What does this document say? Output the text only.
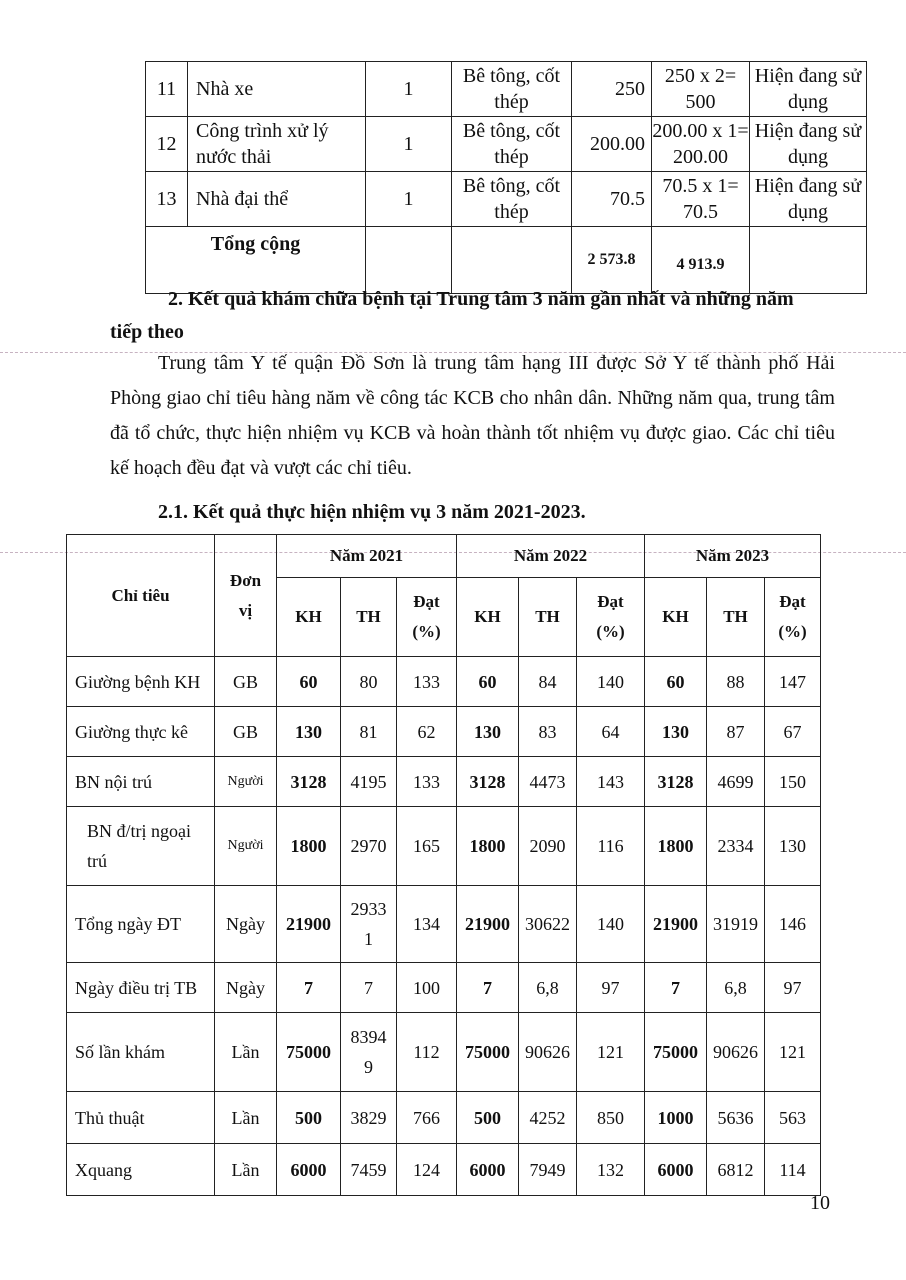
11	Nhà xe	1	Bê tông, cốt thép	250	250 x 2= 500	Hiện đang sử dụng
12	Công trình xử lý nước thải	1	Bê tông, cốt thép	200.00	200.00 x 1= 200.00	Hiện đang sử dụng
13	Nhà đại thể	1	Bê tông, cốt thép	70.5	70.5 x 1= 70.5	Hiện đang sử dụng
Tổng cộng				2 573.8	4 913.9	
2. Kết quả khám chữa bệnh tại Trung tâm 3 năm gần nhất và những năm
tiếp theo
Trung tâm Y tế quận Đồ Sơn là trung tâm hạng III được Sở Y tế thành phố Hải Phòng giao chỉ tiêu hàng năm về công tác KCB cho nhân dân. Những năm qua, trung tâm đã tổ chức, thực hiện nhiệm vụ KCB và hoàn thành tốt nhiệm vụ được giao. Các chỉ tiêu kế hoạch đều đạt và vượt các chỉ tiêu.
2.1. Kết quả thực hiện nhiệm vụ 3 năm 2021-2023.
Chỉ tiêu	Đơn vị	Năm 2021			Năm 2022			Năm 2023		
		KH	TH	Đạt (%)	KH	TH	Đạt (%)	KH	TH	Đạt (%)
Giường bệnh KH	GB	60	80	133	60	84	140	60	88	147
Giường thực kê	GB	130	81	62	130	83	64	130	87	67
BN nội trú	Người	3128	4195	133	3128	4473	143	3128	4699	150
BN đ/trị ngoại trú	Người	1800	2970	165	1800	2090	116	1800	2334	130
Tổng ngày ĐT	Ngày	21900	29331	134	21900	30622	140	21900	31919	146
Ngày điều trị TB	Ngày	7	7	100	7	6,8	97	7	6,8	97
Số lần khám	Lần	75000	83949	112	75000	90626	121	75000	90626	121
Thủ thuật	Lần	500	3829	766	500	4252	850	1000	5636	563
Xquang	Lần	6000	7459	124	6000	7949	132	6000	6812	114
10
